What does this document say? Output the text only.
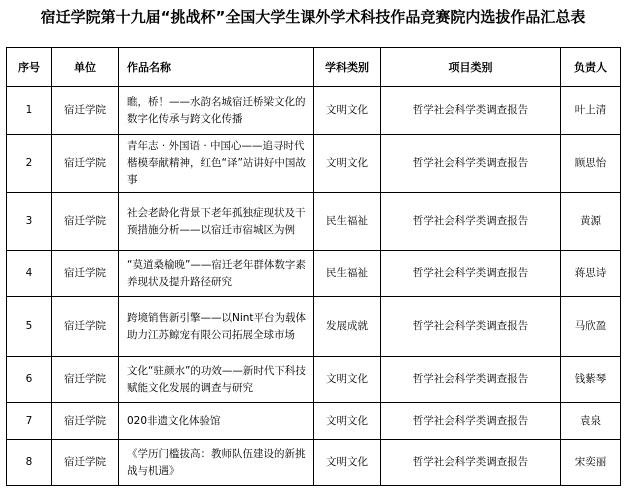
宿迁学院第十九届“挑战杯”全国大学生课外学术科技作品竞赛院内选拔作品汇总表
序号	单位	作品名称	学科类别	项目类别	负责人
1	宿迁学院	瞧，桥！——水韵名城宿迁桥梁文化的数字化传承与跨文化传播	文明文化	哲学社会科学类调查报告	叶上清
2	宿迁学院	青年志 · 外国语 · 中国心——追寻时代楷模奉献精神，红色“译”站讲好中国故事	文明文化	哲学社会科学类调查报告	顾思怡
3	宿迁学院	社会老龄化背景下老年孤独症现状及干预措施分析——以宿迁市宿城区为例	民生福祉	哲学社会科学类调查报告	黄源
4	宿迁学院	“莫道桑榆晚”——宿迁老年群体数字素养现状及提升路径研究	民生福祉	哲学社会科学类调查报告	蒋思诗
5	宿迁学院	跨境销售新引擎——以Nint平台为载体助力江苏鲸宠有限公司拓展全球市场	发展成就	哲学社会科学类调查报告	马欣盈
6	宿迁学院	文化“驻颜水”的功效——新时代下科技赋能文化发展的调查与研究	文明文化	哲学社会科学类调查报告	钱紫琴
7	宿迁学院	020非遗文化体验馆	文明文化	哲学社会科学类调查报告	袁泉
8	宿迁学院	《学历门槛拔高：教师队伍建设的新挑战与机遇》	文明文化	哲学社会科学类调查报告	宋奕丽
